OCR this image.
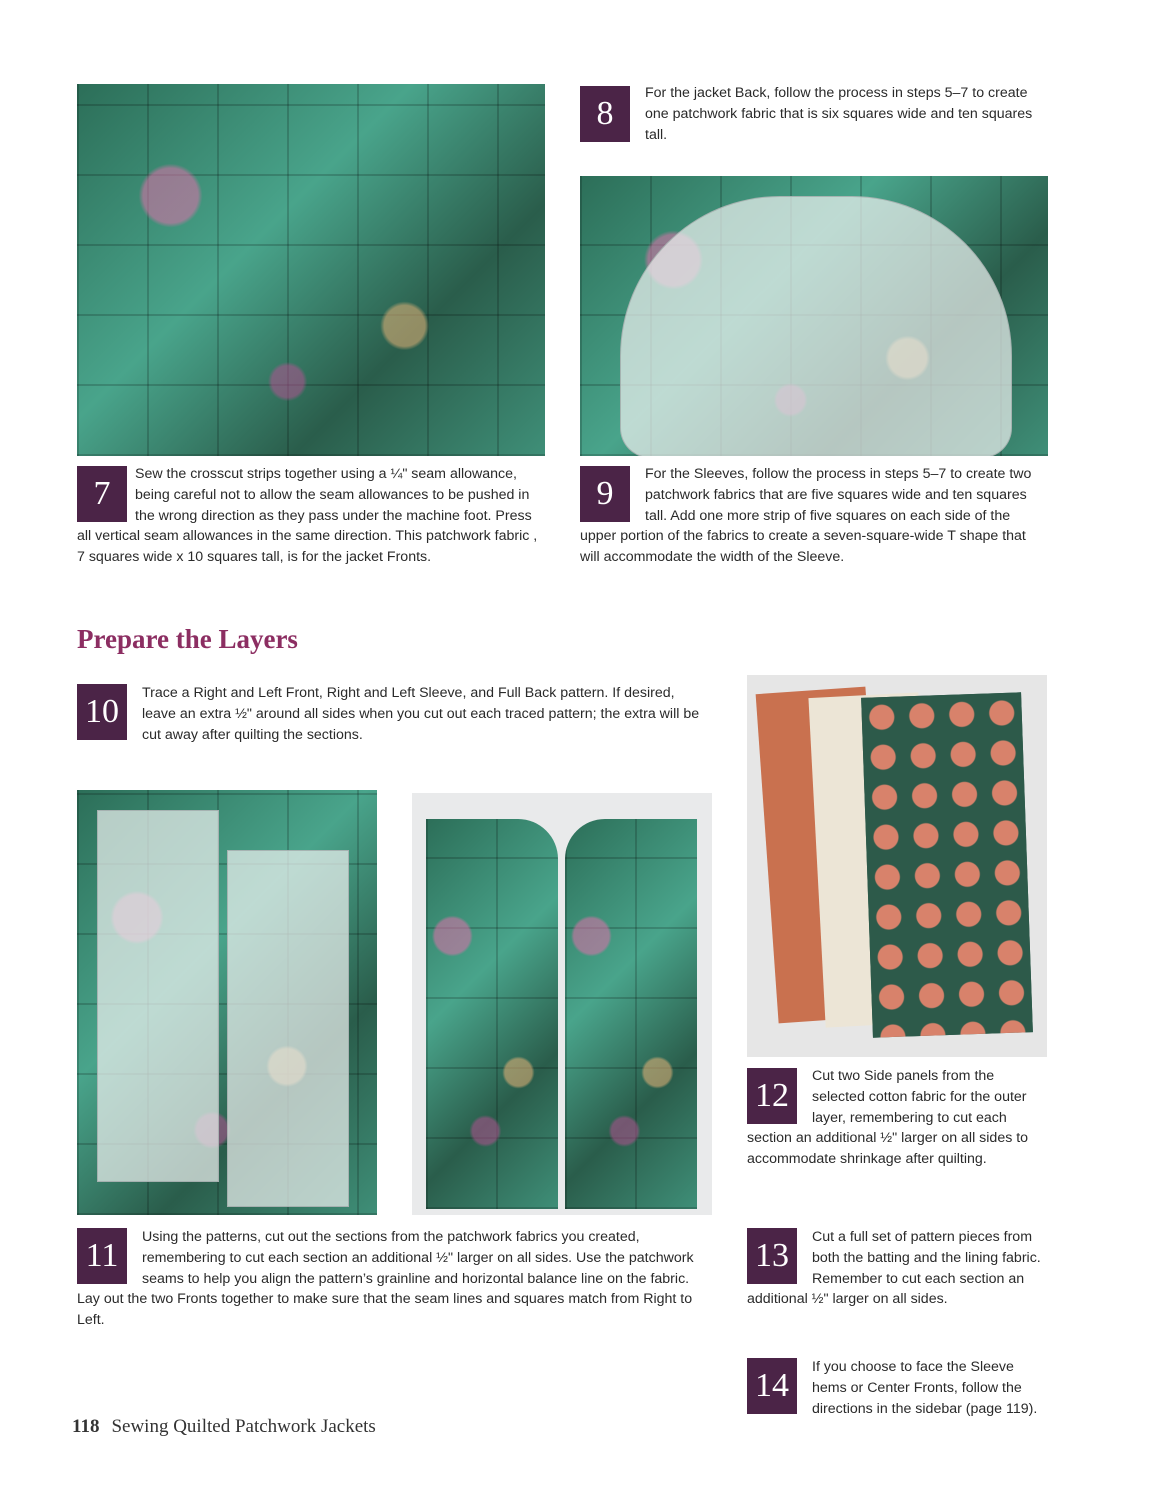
7
Sew the crosscut strips together using a ¼" seam allowance, being careful not to allow the seam allowances to be pushed in the wrong direction as they pass under the machine foot. Press all vertical seam allowances in the same direction. This patchwork fabric , 7 squares wide x 10 squares tall, is for the jacket Fronts.
8
For the jacket Back, follow the process in steps 5–7 to create one patchwork fabric that is six squares wide and ten squares tall.
9
For the Sleeves, follow the process in steps 5–7 to create two patchwork fabrics that are five squares wide and ten squares tall. Add one more strip of five squares on each side of the upper portion of the fabrics to create a seven-square-wide T shape that will accommodate the width of the Sleeve.
Prepare the Layers
10	Trace a Right and Left Front, Right and Left Sleeve, and Full Back pattern. If desired, leave an extra ½" around all sides when you cut out each traced pattern; the extra will be cut away after quilting the sections.
11	Using the patterns, cut out the sections from the patchwork fabrics you created, remembering to cut each section an additional ½" larger on all sides. Use the patchwork seams to help you align the pattern’s grainline and horizontal balance line on the fabric. Lay out the two Fronts together to make sure that the seam lines and squares match from Right to Left.
12
Cut two Side panels from the selected cotton fabric for the outer layer, remembering to cut each section an additional ½" larger on all sides to accommodate shrinkage after quilting.
13	Cut a full set of pattern pieces from both the batting and the lining fabric. Remember to cut each section an additional ½" larger on all sides.
14	If you choose to face the Sleeve hems or Center Fronts, follow the directions in the sidebar (page 119).
118 Sewing Quilted Patchwork Jackets
